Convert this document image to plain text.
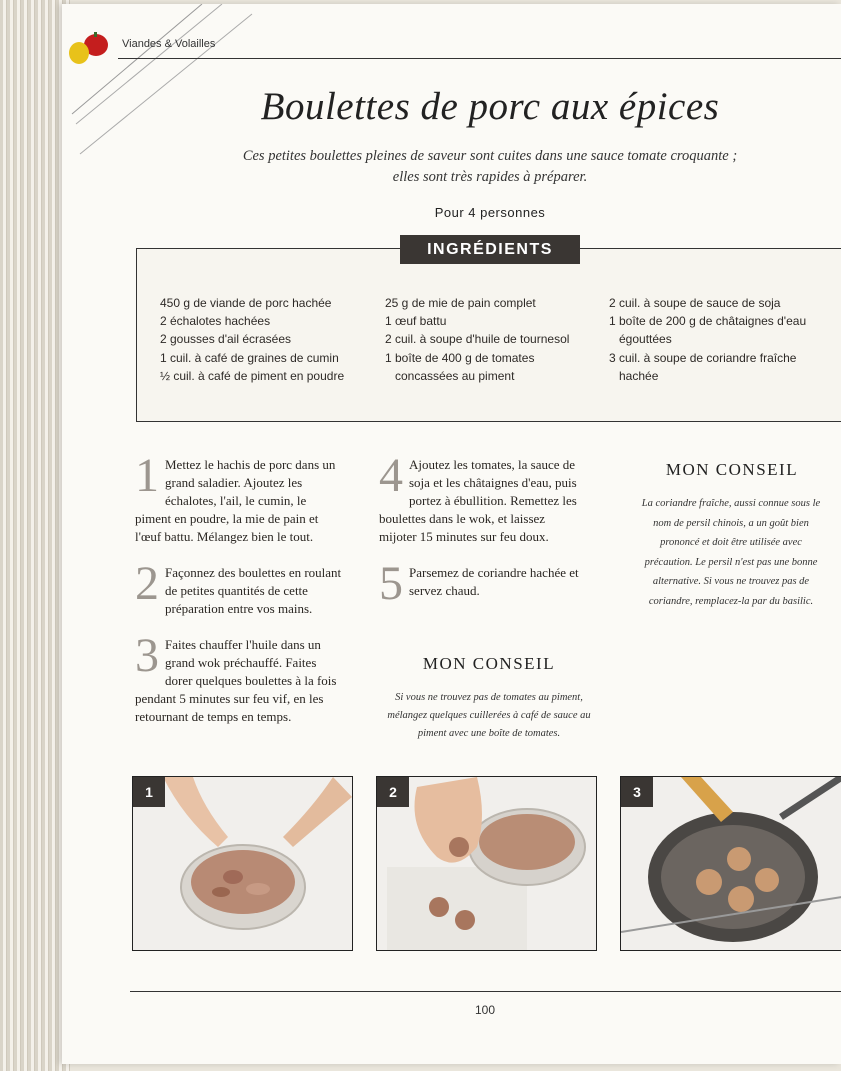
Viandes & Volailles
Boulettes de porc aux épices
Ces petites boulettes pleines de saveur sont cuites dans une sauce tomate croquante ;
elles sont très rapides à préparer.
Pour 4 personnes
INGRÉDIENTS
450 g de viande de porc hachée
2 échalotes hachées
2 gousses d'ail écrasées
1 cuil. à café de graines de cumin
½ cuil. à café de piment en poudre
25 g de mie de pain complet
1 œuf battu
2 cuil. à soupe d'huile de tournesol
1 boîte de 400 g de tomates
concassées au piment
2 cuil. à soupe de sauce de soja
1 boîte de 200 g de châtaignes d'eau
égouttées
3 cuil. à soupe de coriandre fraîche
hachée
1 Mettez le hachis de porc dans un grand saladier. Ajoutez les échalotes, l'ail, le cumin, le piment en poudre, la mie de pain et l'œuf battu. Mélangez bien le tout.
2 Façonnez des boulettes en roulant de petites quantités de cette préparation entre vos mains.
3 Faites chauffer l'huile dans un grand wok préchauffé. Faites dorer quelques boulettes à la fois pendant 5 minutes sur feu vif, en les retournant de temps en temps.
4 Ajoutez les tomates, la sauce de soja et les châtaignes d'eau, puis portez à ébullition. Remettez les boulettes dans le wok, et laissez mijoter 15 minutes sur feu doux.
5 Parsemez de coriandre hachée et servez chaud.
MON CONSEIL
Si vous ne trouvez pas de tomates au piment, mélangez quelques cuillerées à café de sauce au piment avec une boîte de tomates.
MON CONSEIL
La coriandre fraîche, aussi connue sous le nom de persil chinois, a un goût bien prononcé et doit être utilisée avec précaution. Le persil n'est pas une bonne alternative. Si vous ne trouvez pas de coriandre, remplacez-la par du basilic.
1	2	3
100
